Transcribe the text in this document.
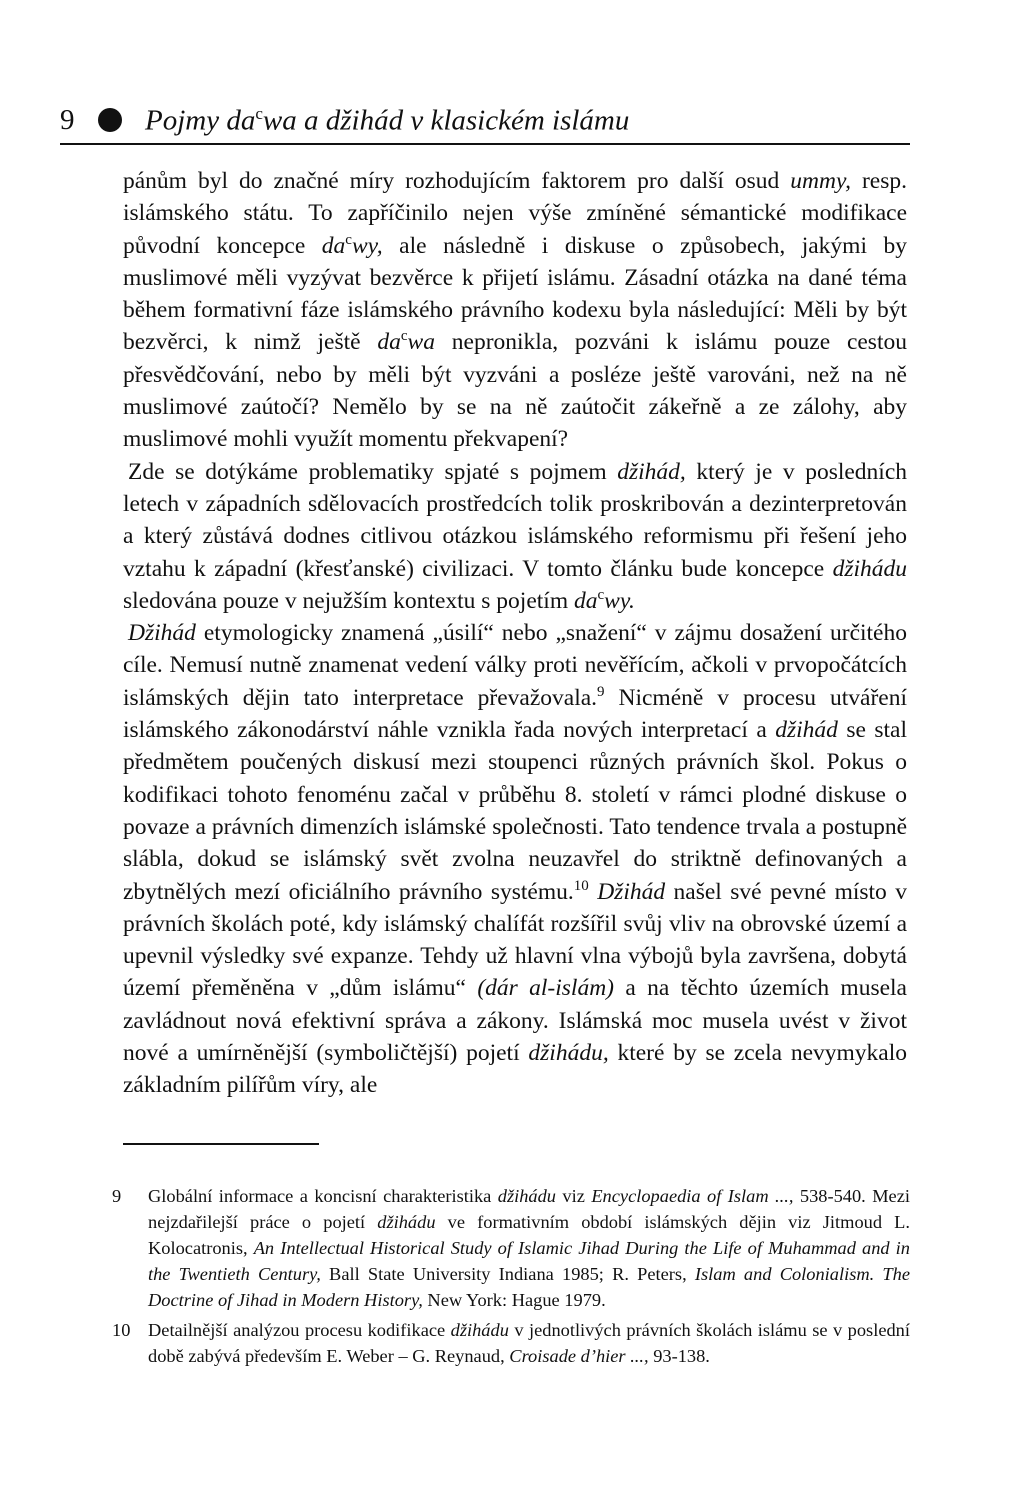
9 Pojmy $da^cwa$ a džihád v klasickém islámu

pánům byl do značné míry rozhodujícím faktorem pro další osud ummy, resp. islámského státu. To zapříčinilo nejen výše zmíněné sémantické modifikace původní koncepce $da^cwy$, ale následně i diskuse o způsobech, jakými by muslimové měli vyzývat bezvěrce k přijetí islámu. Zásadní otázka na dané téma během formativní fáze islámského právního kodexu byla následující: Měli by být bezvěrci, k nimž ještě $da^cwa$ nepronikla, pozváni k islámu pouze cestou přesvědčování, nebo by měli být vyzváni a posléze ještě varováni, než na ně muslimové zaútočí? Nemělo by se na ně zaútočit zákeřně a ze zálohy, aby muslimové mohli využít momentu překvapení?

Zde se dotýkáme problematiky spjaté s pojmem džihád, který je v posledních letech v západních sdělovacích prostředcích tolik proskribován a dezinterpretován a který zůstává dodnes citlivou otázkou islámského reformismu při řešení jeho vztahu k západní (křesťanské) civilizaci. V tomto článku bude koncepce džihádu sledována pouze v nejužším kontextu s pojetím $da^cwy$.

Džihád etymologicky znamená „úsilí“ nebo „snažení“ v zájmu dosažení určitého cíle. Nemusí nutně znamenat vedení války proti nevěřícím, ačkoli v prvopočátcích islámských dějin tato interpretace převažovala.$^9$ Nicméně v procesu utváření islámského zákonodárství náhle vznikla řada nových interpretací a džihád se stal předmětem poučených diskusí mezi stoupenci různých právních škol. Pokus o kodifikaci tohoto fenoménu začal v průběhu 8. století v rámci plodné diskuse o povaze a právních dimenzích islámské společnosti. Tato tendence trvala a postupně slábla, dokud se islámský svět zvolna neuzavřel do striktně definovaných a zbytnělých mezí oficiálního právního systému.$^{10}$ Džihád našel své pevné místo v právních školách poté, kdy islámský chalífát rozšířil svůj vliv na obrovské území a upevnil výsledky své expanze. Tehdy už hlavní vlna výbojů byla završena, dobytá území přeměněna v „dům islámu“ (dár al-islám) a na těchto územích musela zavládnout nová efektivní správa a zákony. Islámská moc musela uvést v život nové a umírněnější (symboličtější) pojetí džihádu, které by se zcela nevymykalo základním pilířům víry, ale

9 Globální informace a koncisní charakteristika džihádu viz Encyclopaedia of Islam ..., 538-540. Mezi nejzdařilejší práce o pojetí džihádu ve formativním období islámských dějin viz Jitmoud L. Kolocatronis, An Intellectual Historical Study of Islamic Jihad During the Life of Muhammad and in the Twentieth Century, Ball State University Indiana 1985; R. Peters, Islam and Colonialism. The Doctrine of Jihad in Modern History, New York: Hague 1979.
10 Detailnější analýzou procesu kodifikace džihádu v jednotlivých právních školách islámu se v poslední době zabývá především E. Weber – G. Reynaud, Croisade d’hier ..., 93-138.
